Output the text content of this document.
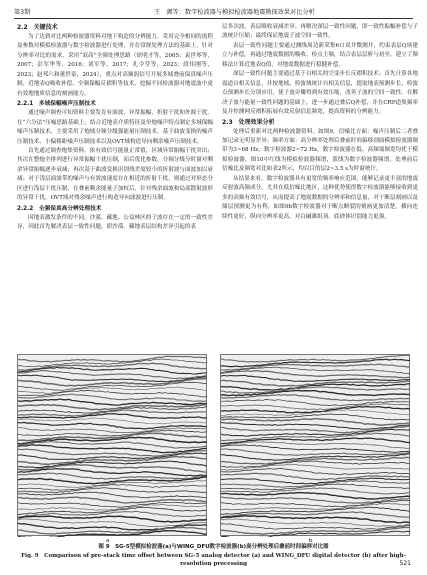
第3期	王　颜等：数字检波器与模拟检波器地震勘探效果对比分析

2.2　关键技术

为了达到对比两种检波器资料对地下构造的分辨能力，采用完全相同的流程及参数对模拟检波器与数字检波器进行处理，并在常规处理方法的基础上，针对分辨率对比的需求，采用“双高”全频处理思路（徐明才等，2005；袁世琴等，2007；彭军华等，2016；刘军等，2017；孔令莹等，2023；段伟刚等，2023；赵邦六和董世泰，2024），重点对高频弱信号开展多域叠前保真噪声压制、近地表Q吸收补偿、全频保幅反褶积等技术，挖掘不同检波器对地震波中更有效地地质信息的刻画能力。

2.2.1　多域保幅噪声压制技术

通过噪声调查可知资料主要发育有面波、异常振幅，折射干扰和外源干扰。在“六分法”压噪思路基础上，结合近地表介质特征及单炮噪声特点制定多域保幅噪声压制技术，主要采用了炮域分频分级强能量压制技术、基于曲波变换的噪声压制技术、小偏移距噪声压制技术以及OVT域构造导向剩余噪声压制技术。

首先通过调查炮集资料，依有效信号能量正常值，区域异常振幅干扰突出；其次在整炮全排列进行异常振幅干扰压制，而后优化参数，分频分级分时窗对剩余异常振幅逐步衰减；再次基于曲波变换识别残差度较小的折射波与面波加以衰减；对于浅层面波带的噪声与有效波速度存在相近的折射干扰，则通过对形态分区进行浅层干扰压制，在叠前剩余能量子加权后，针对残余面波和局部散射波形的异常干扰，OVT域对残余噪声进行构造导向滤波进行压制。

2.2.2　全频保真高分辨处理技术

因地表激发条件的不同，沙漠、藏地、公益林区的子波存在一定的一致性差异，因此首先解决表层一致性问题，即沙漠、藏地表层结构差异引起的表

层多次波，表层吸收衰减差异。再解决深层一致性问题，即一致性振幅补偿与子波统计压缩；最终保证地震子波空间一致性。

表层一致性问题主要通过测线周边新采集6口双井微测井，约束表层Q场建立与补偿。再通过地震数据的吸收、检点主频，结合表层层析与初至，建立了频移法计算近地表Q值，对地震数据进行稳健补偿。

深层一致性问题主要通过基于自相关的空变步长反褶积技术；首先计算各地震道自相关信息，并按地域、检波域统计自相关信息，提取地表预测步长，检波点预测步长分别应用，使子波旁瓣得到有效压缩，改善子波的空间一致性。在解决子波与能量一致性问题的基础上，进一步通过叠后Q补偿，并在CRP道集频率及并控测网反褶积拓展有效反射信息频宽，提高资料的分辨能力。

2.3　处理效果分析

处理后重新对比两种检波器资料，如图9，信噪比方面：噪声压制后二者叠加记录无明显差异；频率方面：高分辨率处理后叠前时间偏移剖面模拟检波器频带为3~68 Hz，数字检波器2~72 Hz，数字检波器在低、高频端频宽均优于模拟检波器，图10中红线为模拟检波器频谱，蓝线为数字检波器频谱。处理前后信噪比及频宽对比如表2所示，均以目的层2~3.5 s为时窗统计。

从结果来看，数字检波器具有更宽的频率响应范围，能够记录更丰富的地震反射波高频成分。尤其在低信噪比地区，这种优势使得数字检波器能够接收到更多的高频有效信号，从而提高了地震数据的分辨率和信息量，对于断层刻画以及储层预测更为有利，如图9b数字检波器对于断点断裂的刻画更加清楚，横向连续性更好，纵向分辨率更高，对白碱滩组顶、底砂体识别能力更强。

a	b
图 9　SG-5型模拟检波器(a)与WING_DFU数字检波器(b)高分辨处理后叠前时间偏移对比图
Fig. 9　Comparison of pre-stack time offset between SG-5 analog detector (a) and WING_DFU digital detector (b) after high-resolution processing	521
